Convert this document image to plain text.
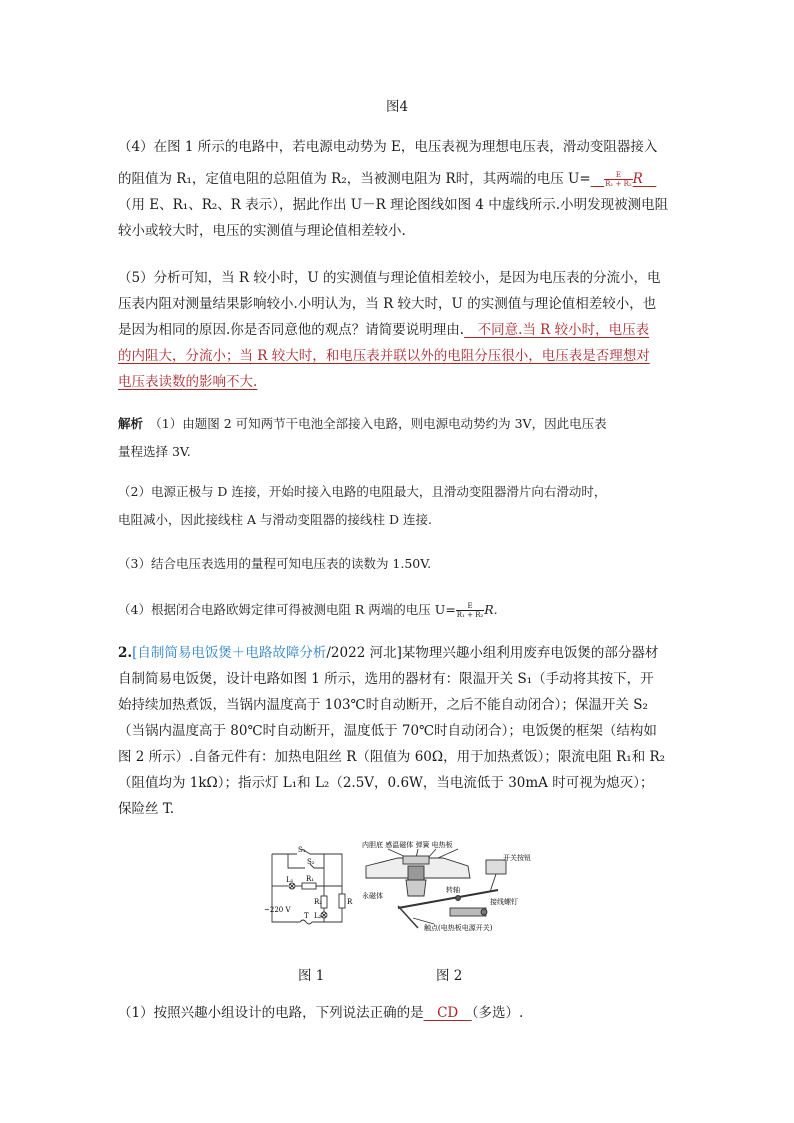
图4
（4）在图 1 所示的电路中，若电源电动势为 E，电压表视为理想电压表，滑动变阻器接入
的阻值为 R₁，定值电阻的总阻值为 R₂，当被测电阻为 R时，其两端的电压 U=　 $\frac{E}{\text{R₁ + R₂}}$ R　
（用 E、R₁、R₂、R 表示），据此作出 U－R 理论图线如图 4 中虚线所示.小明发现被测电阻
较小或较大时，电压的实测值与理论值相差较小.
（5）分析可知，当 R 较小时，U 的实测值与理论值相差较小，是因为电压表的分流小，电
压表内阻对测量结果影响较小.小明认为，当 R 较大时，U 的实测值与理论值相差较小，也
是因为相同的原因.你是否同意他的观点？请简要说明理由.　不同意.当 R 较小时，电压表
的内阻大，分流小；当 R 较大时，和电压表并联以外的电阻分压很小，电压表是否理想对
电压表读数的影响不大.
解析　 （1）由题图 2 可知两节干电池全部接入电路，则电源电动势约为 3V，因此电压表
量程选择 3V.
（2）电源正极与 D 连接，开始时接入电路的电阻最大，且滑动变阻器滑片向右滑动时，
电阻减小，因此接线柱 A 与滑动变阻器的接线柱 D 连接.
（3）结合电压表选用的量程可知电压表的读数为 1.50V.
（4）根据闭合电路欧姆定律可得被测电阻 R 两端的电压 $U= \frac{E}{\text{R₁ + R₂}} R$.
2.[自制简易电饭煲＋电路故障分析/2022 河北]某物理兴趣小组利用废弃电饭煲的部分器材
自制简易电饭煲，设计电路如图 1 所示，选用的器材有：限温开关 S₁（手动将其按下，开
始持续加热煮饭，当锅内温度高于 103℃时自动断开，之后不能自动闭合）；保温开关 S₂
（当锅内温度高于 80℃时自动断开，温度低于 70℃时自动闭合）；电饭煲的框架（结构如
图 2 所示）.自备元件有：加热电阻丝 R（阻值为 60Ω，用于加热煮饭）；限流电阻 R₁和 R₂
（阻值均为 1kΩ）；指示灯 L₁和 L₂（2.5V，0.6W，当电流低于 30mA 时可视为熄灭）；
保险丝 T.
S₁
S₂
L₁ R₁
R₂
L₂
R
~220 V
T
内胆底 感温磁体 弹簧 电热板
开关按钮
转轴
永磁体
接线螺钉
触点(电热板电源开关)
图 1	图 2
（1）按照兴趣小组设计的电路，下列说法正确的是　CD　（多选）.
